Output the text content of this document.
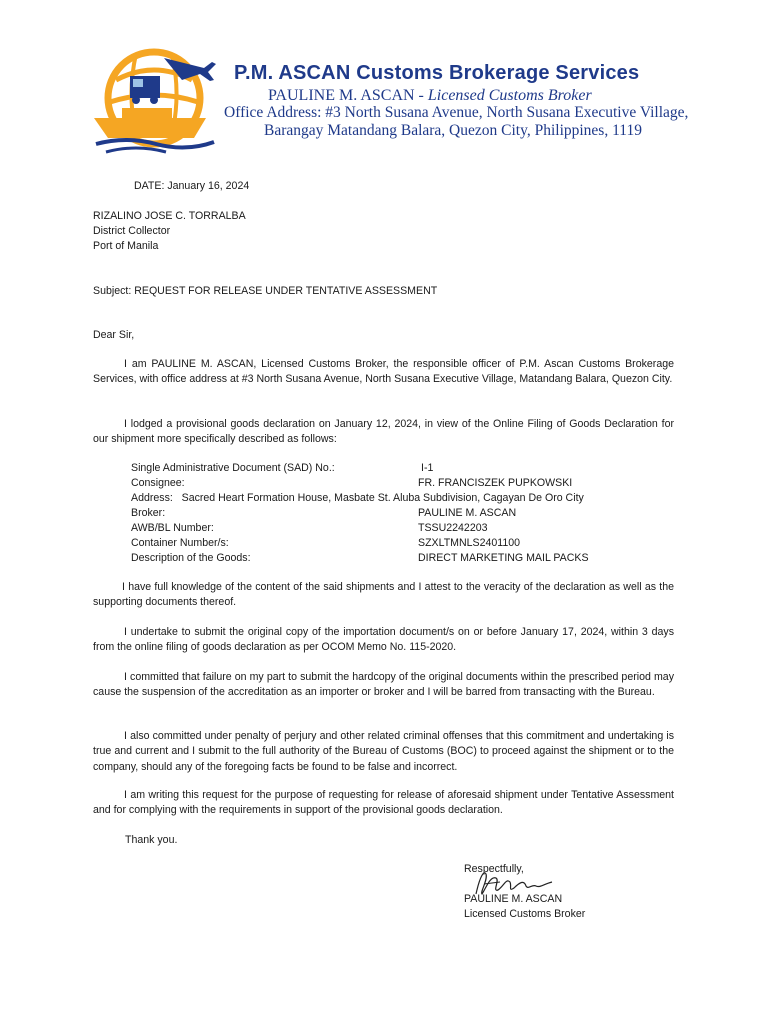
P.M. ASCAN Customs Brokerage Services
PAULINE M. ASCAN - Licensed Customs Broker
Office Address: #3 North Susana Avenue, North Susana Executive Village,
Barangay Matandang Balara, Quezon City, Philippines, 1119
DATE: January 16, 2024
RIZALINO JOSE C. TORRALBA
District Collector
Port of Manila
Subject: REQUEST FOR RELEASE UNDER TENTATIVE ASSESSMENT
Dear Sir,
I am PAULINE M. ASCAN, Licensed Customs Broker, the responsible officer of P.M. Ascan Customs Brokerage Services, with office address at #3 North Susana Avenue, North Susana Executive Village, Matandang Balara, Quezon City.
I lodged a provisional goods declaration on January 12, 2024, in view of the Online Filing of Goods Declaration for our shipment more specifically described as follows:
Single Administrative Document (SAD) No.:	I-1
Consignee:	FR. FRANCISZEK PUPKOWSKI
Address:   Sacred Heart Formation House, Masbate St. Aluba Subdivision, Cagayan De Oro City
Broker:	PAULINE M. ASCAN
AWB/BL Number:	TSSU2242203
Container Number/s:	SZXLTMNLS2401100
Description of the Goods:	DIRECT MARKETING MAIL PACKS
I have full knowledge of the content of the said shipments and I attest to the veracity of the declaration as well as the supporting documents thereof.
I undertake to submit the original copy of the importation document/s on or before January 17, 2024, within 3 days from the online filing of goods declaration as per OCOM Memo No. 115-2020.
I committed that failure on my part to submit the hardcopy of the original documents within the prescribed period may cause the suspension of the accreditation as an importer or broker and I will be barred from transacting with the Bureau.
I also committed under penalty of perjury and other related criminal offenses that this commitment and undertaking is true and current and I submit to the full authority of the Bureau of Customs (BOC) to proceed against the shipment or to the company, should any of the foregoing facts be found to be false and incorrect.
I am writing this request for the purpose of requesting for release of aforesaid shipment under Tentative Assessment and for complying with the requirements in support of the provisional goods declaration.
Thank you.
Respectfully,
PAULINE M. ASCAN
Licensed Customs Broker
